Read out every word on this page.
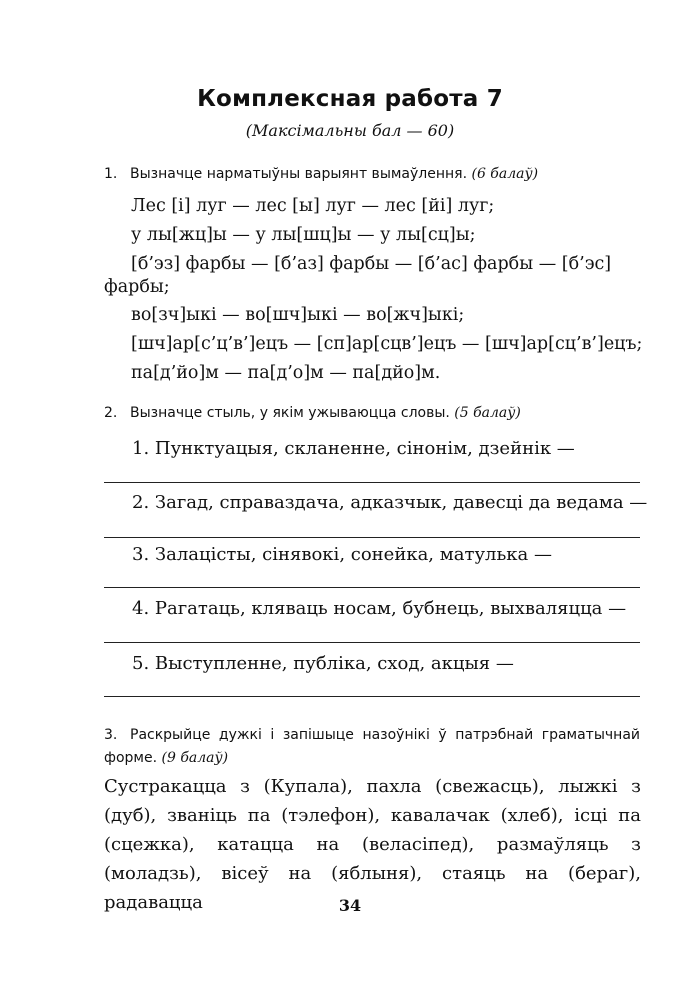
Комплексная работа 7
(Максімальны бал — 60)
1. Вызначце нарматыўны варыянт вымаўлення. (6 балаў)
Лес [і] луг — лес [ы] луг — лес [йі] луг;
у лы[жц]ы — у лы[шц]ы — у лы[сц]ы;
[б’эз] фарбы — [б’аз] фарбы — [б’ас] фарбы — [б’эс]
фарбы;
во[зч]ыкі — во[шч]ыкі — во[жч]ыкі;
[шч]ар[с’ц’в’]ецъ — [сп]ар[сцв’]ецъ — [шч]ар[сц’в’]ецъ;
па[д’йо]м — па[д’о]м — па[дйо]м.
2. Вызначце стыль, у якім ужываюцца словы. (5 балаў)
1. Пунктуацыя, скланенне, сінонім, дзейнік —
2. Загад, справаздача, адказчык, давесці да ведама —
3. Залацісты, сінявокі, сонейка, матулька —
4. Рагатаць, кляваць носам, бубнець, выхваляцца —
5. Выступленне, публіка, сход, акцыя —
3. Раскрыйце дужкі і запішыце назоўнікі ў патрэбнай граматычнай форме. (9 балаў)
Сустракацца з (Купала), пахла (свежасць), лыжкі з (дуб), званіць па (тэлефон), кавалачак (хлеб), ісці па (сцежка), катацца на (веласіпед), размаўляць з (моладзь), вісеў на (яблыня), стаяць на (бераг), радавацца	34
